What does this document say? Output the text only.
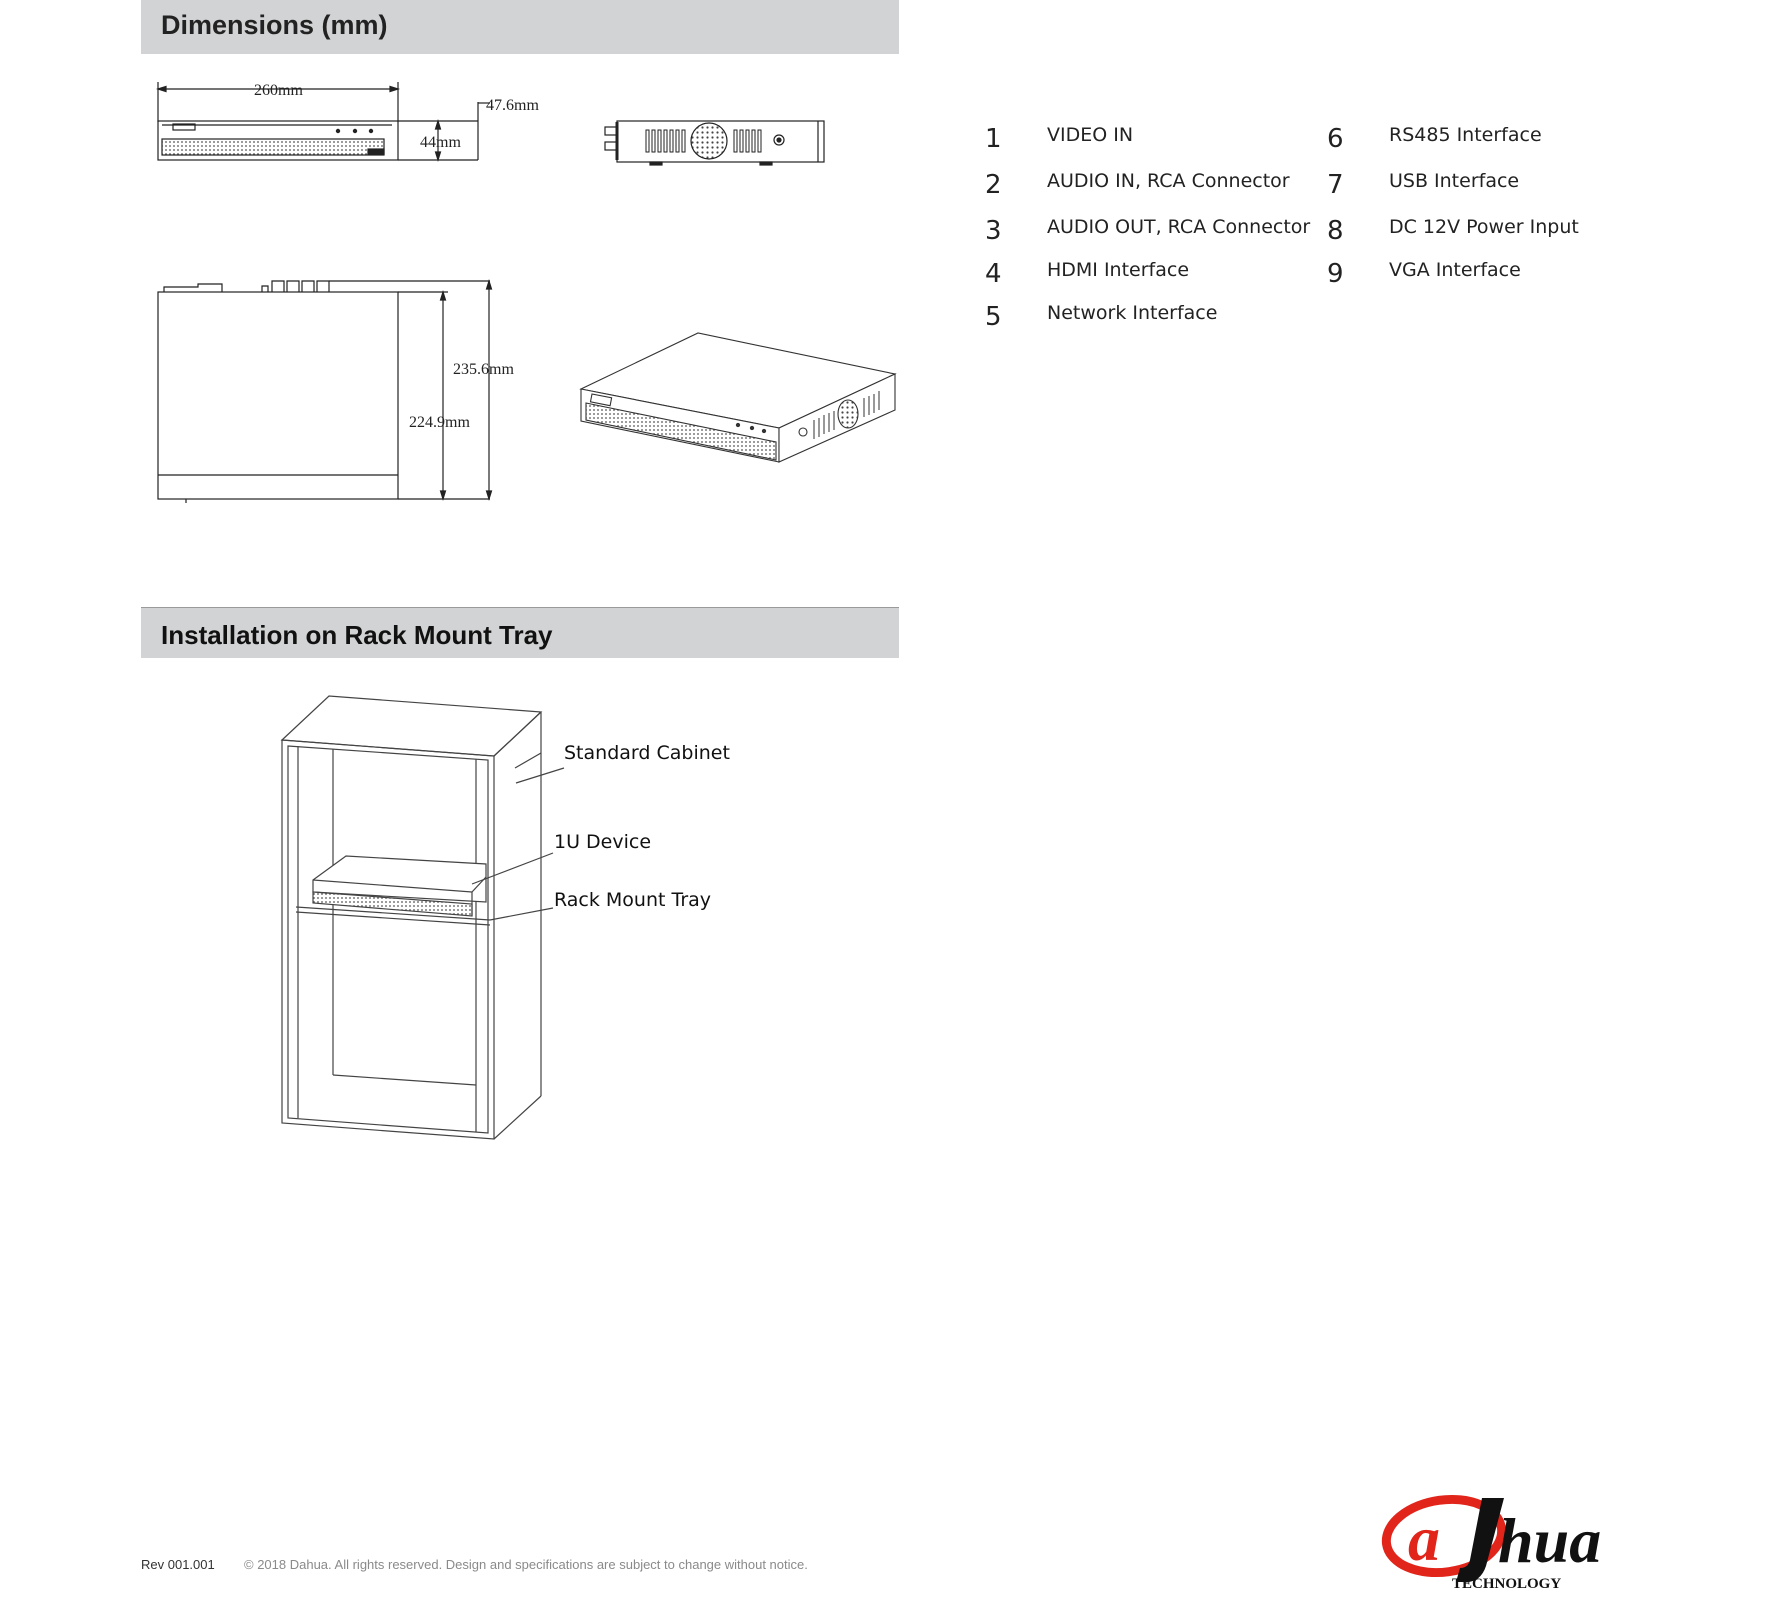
Dimensions (mm)
Installation on Rack Mount Tray
260mm
47.6mm
44mm
235.6mm
224.9mm
Standard Cabinet
1U Device
Rack Mount Tray
1 VIDEO IN
2 AUDIO IN, RCA Connector
3 AUDIO OUT, RCA Connector
4 HDMI Interface
5 Network Interface
6 RS485 Interface
7 USB Interface
8 DC 12V Power Input
9 VGA Interface
Rev 001.001 © 2018 Dahua. All rights reserved. Design and specifications are subject to change without notice.	a hua
TECHNOLOGY
